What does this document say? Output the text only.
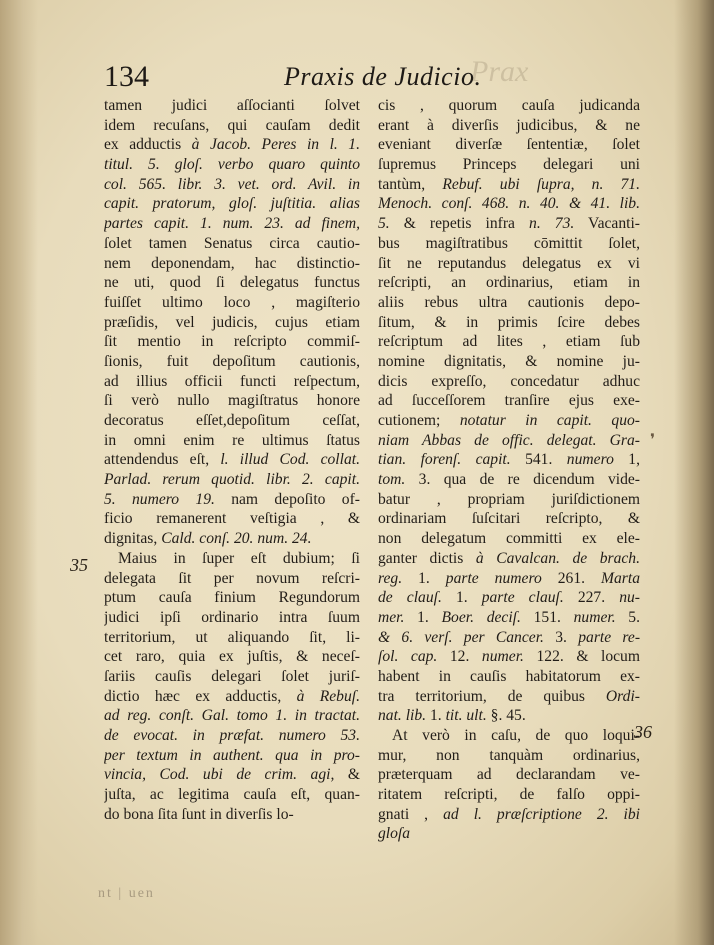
Prax
134	Praxis de Judicio.
tamen judici aſſocianti ſolvet
idem recuſans, qui cauſam dedit
ex adductis à Jacob. Peres in l. 1.
titul. 5. gloſ. verbo quaro quinto
col. 565. libr. 3. vet. ord. Avil. in
capit. pratorum, gloſ. juſtitia. alias
partes capit. 1. num. 23. ad finem,
ſolet tamen Senatus circa cautio-
nem deponendam, hac distinctio-
ne uti, quod ſi delegatus functus
fuiſſet ultimo loco , magiſterio
præſidis, vel judicis, cujus etiam
ſit mentio in reſcripto commiſ-
ſionis, fuit depoſitum cautionis,
ad illius officii functi reſpectum,
ſi verò nullo magiſtratus honore
decoratus eſſet,depoſitum ceſſat,
in omni enim re ultimus ſtatus
attendendus eſt, l. illud Cod. collat.
Parlad. rerum quotid. libr. 2. capit.
5. numero 19. nam depoſito of-
ficio remanerent veſtigia , &
dignitas, Cald. conſ. 20. num. 24.
Maius in ſuper eſt dubium; ſi
delegata ſit per novum reſcri-
ptum cauſa finium Regundorum
judici ipſi ordinario intra ſuum
territorium, ut aliquando ſit, li-
cet raro, quia ex juſtis, & neceſ-
ſariis cauſis delegari ſolet juriſ-
dictio hæc ex adductis, à Rebuſ.
ad reg. conſt. Gal. tomo 1. in tractat.
de evocat. in præfat. numero 53.
per textum in authent. qua in pro-
vincia, Cod. ubi de crim. agi, &
juſta, ac legitima cauſa eſt, quan-
do bona ſita ſunt in diverſis lo-
cis , quorum cauſa judicanda
erant à diverſis judicibus, & ne
eveniant diverſæ ſententiæ, ſolet
ſupremus Princeps delegari uni
tantùm, Rebuf. ubi ſupra, n. 71.
Menoch. conſ. 468. n. 40. & 41. lib.
5. & repetis infra n. 73. Vacanti-
bus magiſtratibus cōmittit ſolet,
ſit ne reputandus delegatus ex vi
reſcripti, an ordinarius, etiam in
aliis rebus ultra cautionis depo-
ſitum, & in primis ſcire debes
reſcriptum ad lites , etiam ſub
nomine dignitatis, & nomine ju-
dicis expreſſo, concedatur adhuc
ad ſucceſſorem tranſire ejus exe-
cutionem; notatur in capit. quo-
niam Abbas de offic. delegat. Gra-
tian. forenſ. capit. 541. numero 1,
tom. 3. qua de re dicendum vide-
batur , propriam juriſdictionem
ordinariam ſuſcitari reſcripto, &
non delegatum committi ex ele-
ganter dictis à Cavalcan. de brach.
reg. 1. parte numero 261. Marta
de clauſ. 1. parte clauſ. 227. nu-
mer. 1. Boer. deciſ. 151. numer. 5.
& 6. verſ. per Cancer. 3. parte re-
ſol. cap. 12. numer. 122. & locum
habent in cauſis habitatorum ex-
tra territorium, de quibus Ordi-
nat. lib. 1. tit. ult. §. 45.
At verò in caſu, de quo loqui-
mur, non tanquàm ordinarius,
præterquam ad declarandam ve-
ritatem reſcripti, de falſo oppi-
gnati , ad l. præſcriptione 2. ibi
gloſa
35
36
❜
nt | uen
